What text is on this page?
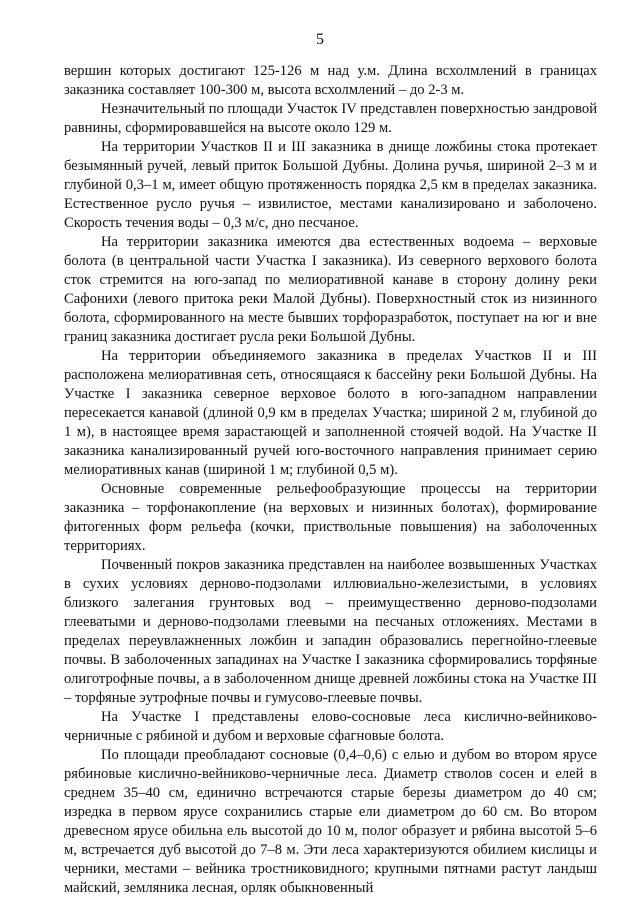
5

вершин которых достигают 125-126 м над у.м. Длина всхолмлений в границах заказника составляет 100-300 м, высота всхолмлений – до 2-3 м.

Незначительный по площади Участок IV представлен поверхностью зандровой равнины, сформировавшейся на высоте около 129 м.

На территории Участков II и III заказника в днище ложбины стока протекает безымянный ручей, левый приток Большой Дубны. Долина ручья, шириной 2–3 м и глубиной 0,3–1 м, имеет общую протяженность порядка 2,5 км в пределах заказника. Естественное русло ручья – извилистое, местами канализировано и заболочено. Скорость течения воды – 0,3 м/с, дно песчаное.

На территории заказника имеются два естественных водоема – верховые болота (в центральной части Участка I заказника). Из северного верхового болота сток стремится на юго-запад по мелиоративной канаве в сторону долину реки Сафонихи (левого притока реки Малой Дубны). Поверхностный сток из низинного болота, сформированного на месте бывших торфоразработок, поступает на юг и вне границ заказника достигает русла реки Большой Дубны.

На территории объединяемого заказника в пределах Участков II и III расположена мелиоративная сеть, относящаяся к бассейну реки Большой Дубны. На Участке I заказника северное верховое болото в юго-западном направлении пересекается канавой (длиной 0,9 км в пределах Участка; шириной 2 м, глубиной до 1 м), в настоящее время зарастающей и заполненной стоячей водой. На Участке II заказника канализированный ручей юго-восточного направления принимает серию мелиоративных канав (шириной 1 м; глубиной 0,5 м).

Основные современные рельефообразующие процессы на территории заказника – торфонакопление (на верховых и низинных болотах), формирование фитогенных форм рельефа (кочки, приствольные повышения) на заболоченных территориях.

Почвенный покров заказника представлен на наиболее возвышенных Участках в сухих условиях дерново-подзолами иллювиально-железистыми, в условиях близкого залегания грунтовых вод – преимущественно дерново-подзолами глееватыми и дерново-подзолами глеевыми на песчаных отложениях. Местами в пределах переувлажненных ложбин и западин образовались перегнойно-глеевые почвы. В заболоченных западинах на Участке I заказника сформировались торфяные олиготрофные почвы, а в заболоченном днище древней ложбины стока на Участке III – торфяные эутрофные почвы и гумусово-глеевые почвы.

На Участке I представлены елово-сосновые леса кислично-вейниково-черничные с рябиной и дубом и верховые сфагновые болота.

По площади преобладают сосновые (0,4–0,6) с елью и дубом во втором ярусе рябиновые кислично-вейниково-черничные леса. Диаметр стволов сосен и елей в среднем 35–40 см, единично встречаются старые березы диаметром до 40 см; изредка в первом ярусе сохранились старые ели диаметром до 60 см. Во втором древесном ярусе обильна ель высотой до 10 м, полог образует и рябина высотой 5–6 м, встречается дуб высотой до 7–8 м. Эти леса характеризуются обилием кислицы и черники, местами – вейника тростниковидного; крупными пятнами растут ландыш майский, земляника лесная, орляк обыкновенный
